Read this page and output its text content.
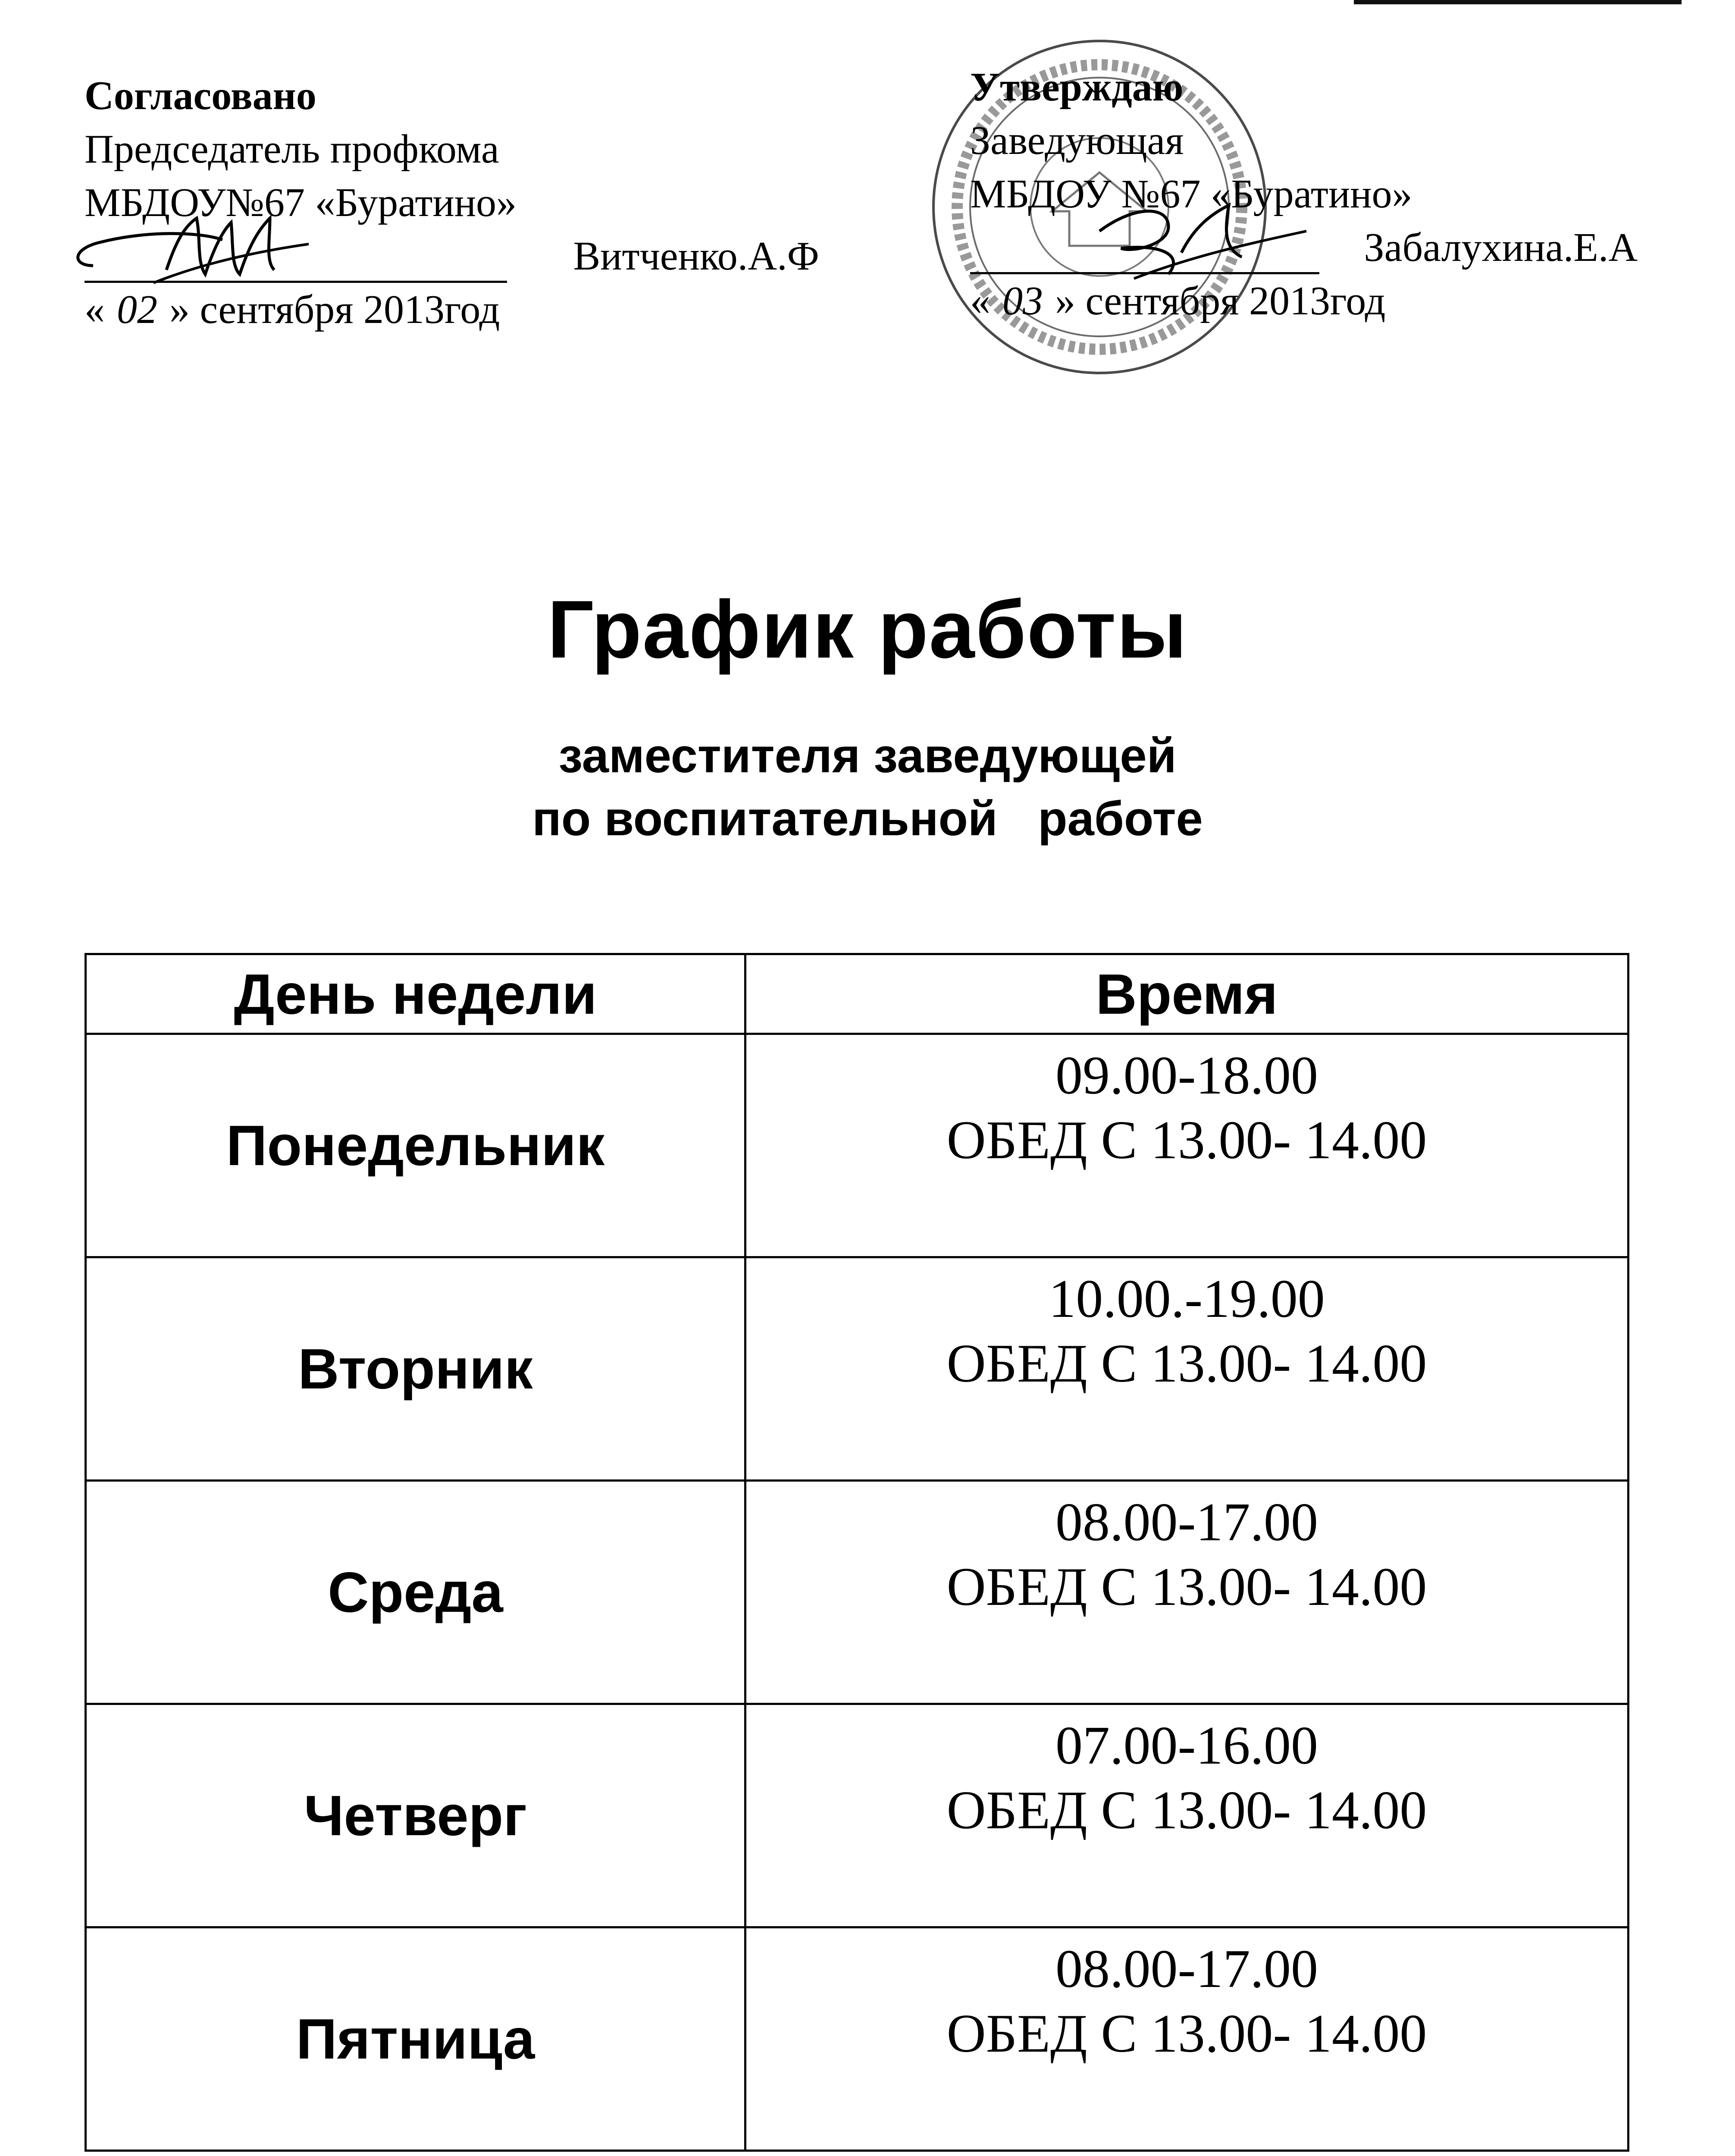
Согласовано
Председатель профкома
МБДОУ№67 «Буратино»
Витченко.А.Ф
« 02 » сентября 2013год
Утверждаю
Заведующая
МБДОУ №67 «Буратино»
Забалухина.Е.А
« 03 » сентября 2013год
График работы
заместителя заведующей
по воспитательной   работе
День недели	Время
Понедельник	09.00-18.00
ОБЕД С 13.00- 14.00

Вторник	10.00.-19.00
ОБЕД С 13.00- 14.00

Среда	08.00-17.00
ОБЕД С 13.00- 14.00

Четверг	07.00-16.00
ОБЕД С 13.00- 14.00

Пятница	08.00-17.00
ОБЕД С 13.00- 14.00
